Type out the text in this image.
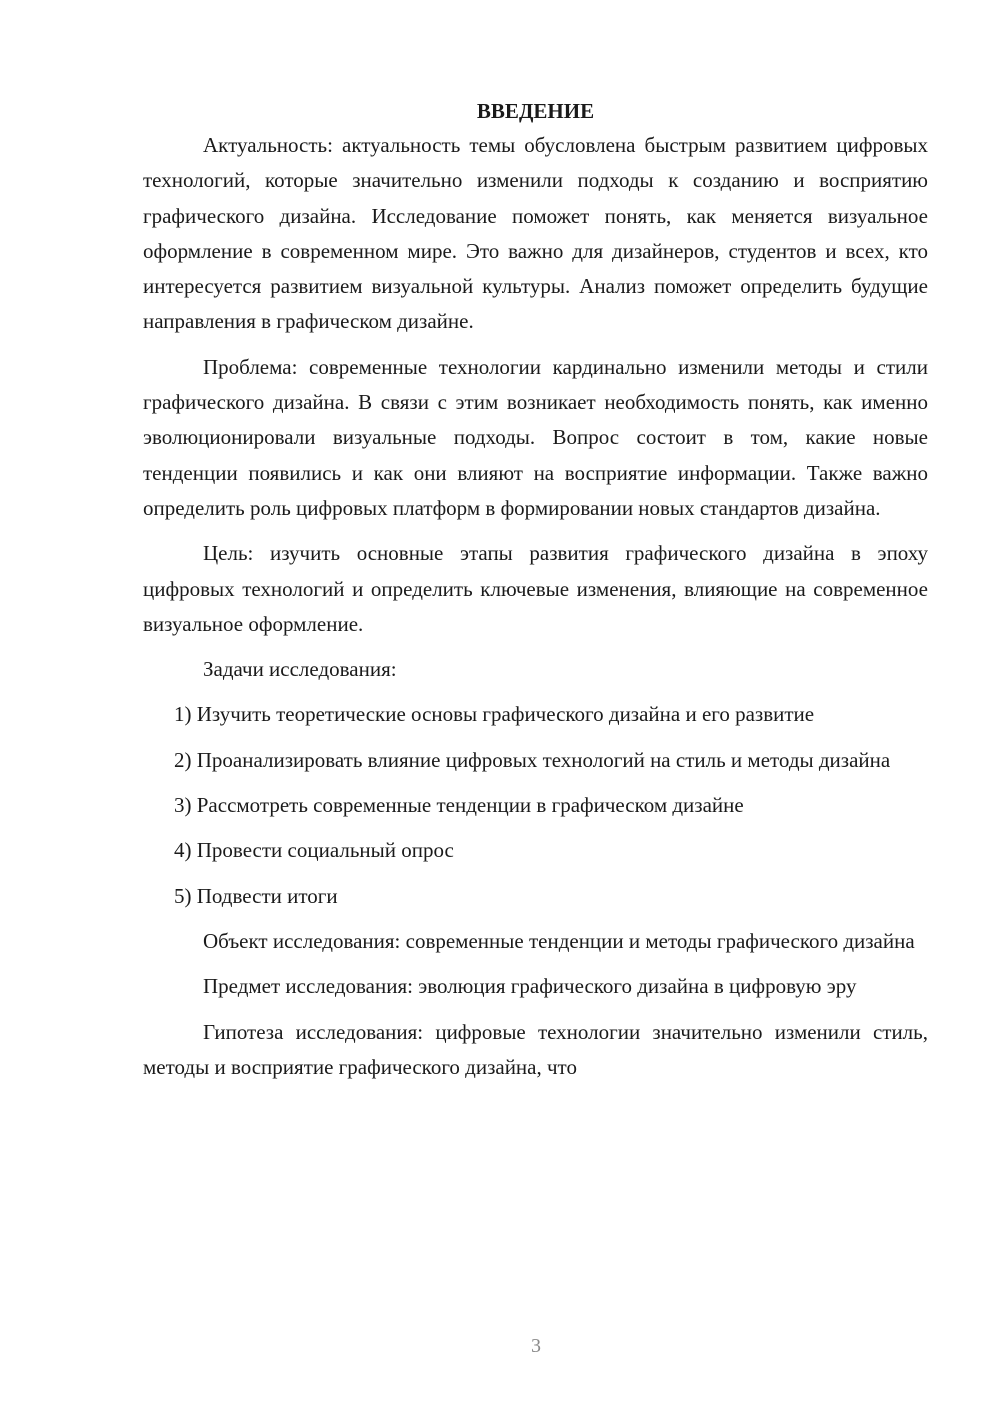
ВВЕДЕНИЕ

Актуальность: актуальность темы обусловлена быстрым развитием цифровых технологий, которые значительно изменили подходы к созданию и восприятию графического дизайна. Исследование поможет понять, как меняется визуальное оформление в современном мире. Это важно для дизайнеров, студентов и всех, кто интересуется развитием визуальной культуры. Анализ поможет определить будущие направления в графическом дизайне.

Проблема: современные технологии кардинально изменили методы и стили графического дизайна. В связи с этим возникает необходимость понять, как именно эволюционировали визуальные подходы. Вопрос состоит в том, какие новые тенденции появились и как они влияют на восприятие информации. Также важно определить роль цифровых платформ в формировании новых стандартов дизайна.

Цель: изучить основные этапы развития графического дизайна в эпоху цифровых технологий и определить ключевые изменения, влияющие на современное визуальное оформление.

Задачи исследования:

1) Изучить теоретические основы графического дизайна и его развитие

2) Проанализировать влияние цифровых технологий на стиль и методы дизайна

3) Рассмотреть современные тенденции в графическом дизайне

4) Провести социальный опрос

5) Подвести итоги

Объект исследования: современные тенденции и методы графического дизайна

Предмет исследования: эволюция графического дизайна в цифровую эру

Гипотеза исследования: цифровые технологии значительно изменили стиль, методы и восприятие графического дизайна, что

3
